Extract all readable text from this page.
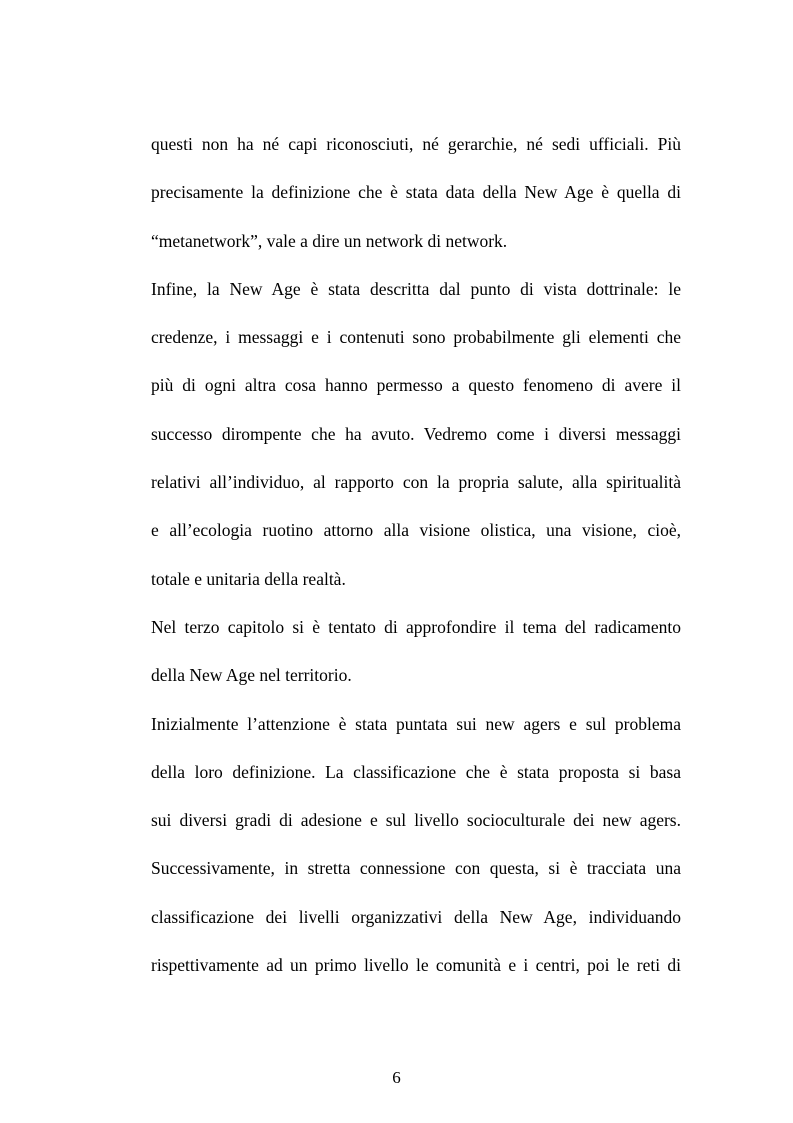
questi non ha né capi riconosciuti, né gerarchie, né sedi ufficiali. Più
precisamente la definizione che è stata data della New Age è quella di
“metanetwork”, vale a dire un network di network.
Infine, la New Age è stata descritta dal punto di vista dottrinale: le
credenze, i messaggi e i contenuti sono probabilmente gli elementi che
più di ogni altra cosa hanno permesso a questo fenomeno di avere il
successo dirompente che ha avuto. Vedremo come i diversi messaggi
relativi all’individuo, al rapporto con la propria salute, alla spiritualità
e all’ecologia ruotino attorno alla visione olistica, una visione, cioè,
totale e unitaria della realtà.
Nel terzo capitolo si è tentato di approfondire il tema del radicamento
della New Age nel territorio.
Inizialmente l’attenzione è stata puntata sui new agers e sul problema
della loro definizione. La classificazione che è stata proposta si basa
sui diversi gradi di adesione e sul livello socioculturale dei new agers.
Successivamente, in stretta connessione con questa, si è tracciata una
classificazione dei livelli organizzativi della New Age, individuando
rispettivamente ad un primo livello le comunità e i centri, poi le reti di
6
